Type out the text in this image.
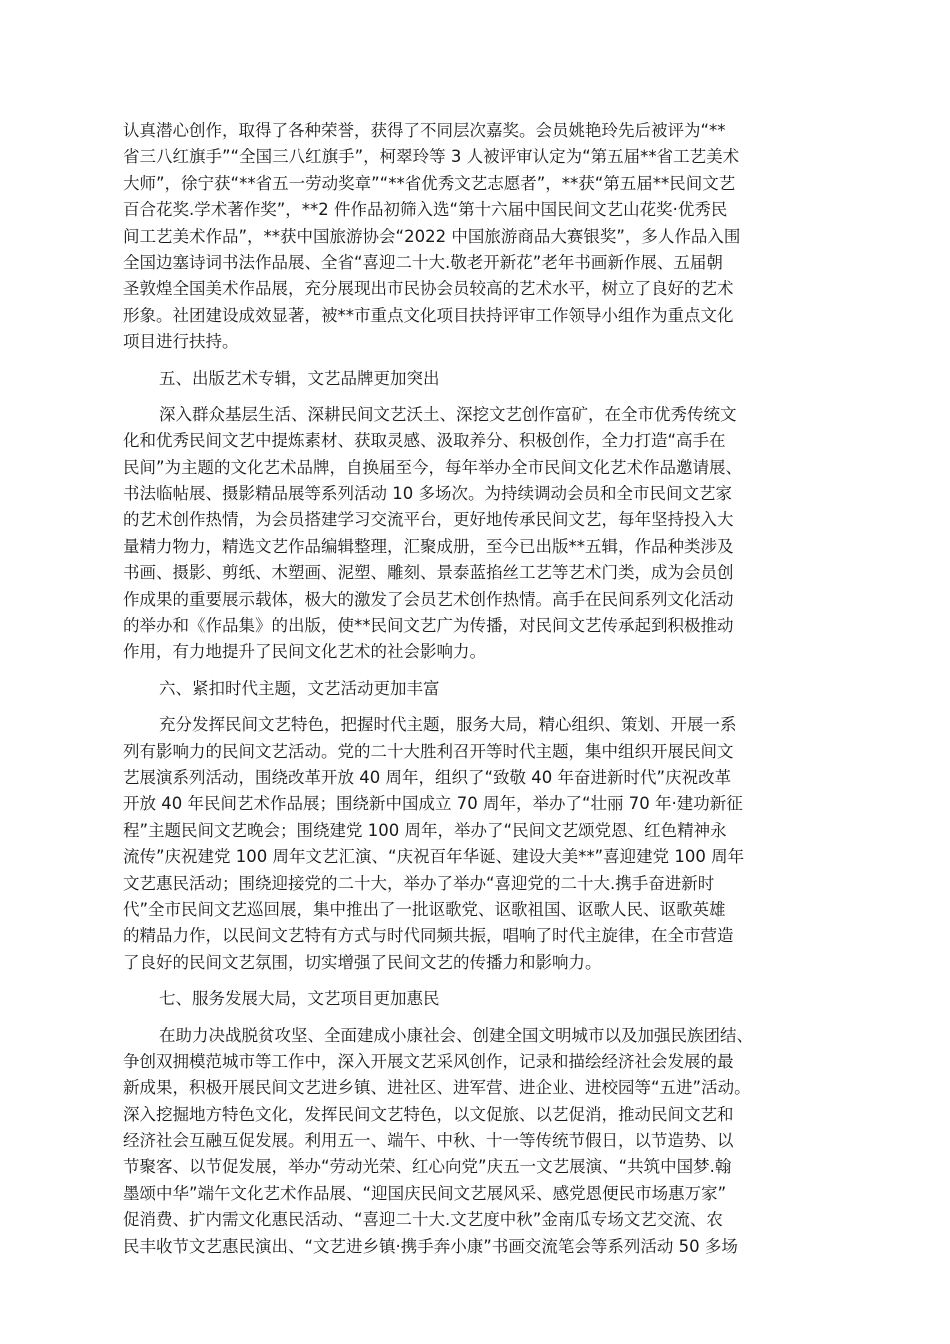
认真潜心创作，取得了各种荣誉，获得了不同层次嘉奖。会员姚艳玲先后被评为“**
省三八红旗手”“全国三八红旗手”，柯翠玲等 3 人被评审认定为“第五届**省工艺美术
大师”，徐宁获“**省五一劳动奖章”“**省优秀文艺志愿者”，**获“第五届**民间文艺
百合花奖.学术著作奖”，**2 件作品初筛入选“第十六届中国民间文艺山花奖·优秀民
间工艺美术作品”，**获中国旅游协会“2022 中国旅游商品大赛银奖”，多人作品入围
全国边塞诗词书法作品展、全省“喜迎二十大.敬老开新花”老年书画新作展、五届朝
圣敦煌全国美术作品展，充分展现出市民协会员较高的艺术水平，树立了良好的艺术
形象。社团建设成效显著，被**市重点文化项目扶持评审工作领导小组作为重点文化
项目进行扶持。
五、出版艺术专辑，文艺品牌更加突出
深入群众基层生活、深耕民间文艺沃土、深挖文艺创作富矿，在全市优秀传统文
化和优秀民间文艺中提炼素材、获取灵感、汲取养分、积极创作，全力打造“高手在
民间”为主题的文化艺术品牌，自换届至今，每年举办全市民间文化艺术作品邀请展、
书法临帖展、摄影精品展等系列活动 10 多场次。为持续调动会员和全市民间文艺家
的艺术创作热情，为会员搭建学习交流平台，更好地传承民间文艺，每年坚持投入大
量精力物力，精选文艺作品编辑整理，汇聚成册，至今已出版**五辑，作品种类涉及
书画、摄影、剪纸、木塑画、泥塑、雕刻、景泰蓝掐丝工艺等艺术门类，成为会员创
作成果的重要展示载体，极大的激发了会员艺术创作热情。高手在民间系列文化活动
的举办和《作品集》的出版，使**民间文艺广为传播，对民间文艺传承起到积极推动
作用，有力地提升了民间文化艺术的社会影响力。
六、紧扣时代主题，文艺活动更加丰富
充分发挥民间文艺特色，把握时代主题，服务大局，精心组织、策划、开展一系
列有影响力的民间文艺活动。党的二十大胜利召开等时代主题，集中组织开展民间文
艺展演系列活动，围绕改革开放 40 周年，组织了“致敬 40 年奋进新时代”庆祝改革
开放 40 年民间艺术作品展；围绕新中国成立 70 周年，举办了“壮丽 70 年·建功新征
程”主题民间文艺晚会；围绕建党 100 周年，举办了“民间文艺颂党恩、红色精神永
流传”庆祝建党 100 周年文艺汇演、“庆祝百年华诞、建设大美**”喜迎建党 100 周年
文艺惠民活动；围绕迎接党的二十大，举办了举办“喜迎党的二十大.携手奋进新时
代”全市民间文艺巡回展，集中推出了一批讴歌党、讴歌祖国、讴歌人民、讴歌英雄
的精品力作，以民间文艺特有方式与时代同频共振，唱响了时代主旋律，在全市营造
了良好的民间文艺氛围，切实增强了民间文艺的传播力和影响力。
七、服务发展大局，文艺项目更加惠民
在助力决战脱贫攻坚、全面建成小康社会、创建全国文明城市以及加强民族团结、
争创双拥模范城市等工作中，深入开展文艺采风创作，记录和描绘经济社会发展的最
新成果，积极开展民间文艺进乡镇、进社区、进军营、进企业、进校园等“五进”活动。
深入挖掘地方特色文化，发挥民间文艺特色，以文促旅、以艺促消，推动民间文艺和
经济社会互融互促发展。利用五一、端午、中秋、十一等传统节假日，以节造势、以
节聚客、以节促发展，举办“劳动光荣、红心向党”庆五一文艺展演、“共筑中国梦.翰
墨颂中华”端午文化艺术作品展、“迎国庆民间文艺展风采、感党恩便民市场惠万家”
促消费、扩内需文化惠民活动、“喜迎二十大.文艺度中秋”金南瓜专场文艺交流、农
民丰收节文艺惠民演出、“文艺进乡镇·携手奔小康”书画交流笔会等系列活动 50 多场
